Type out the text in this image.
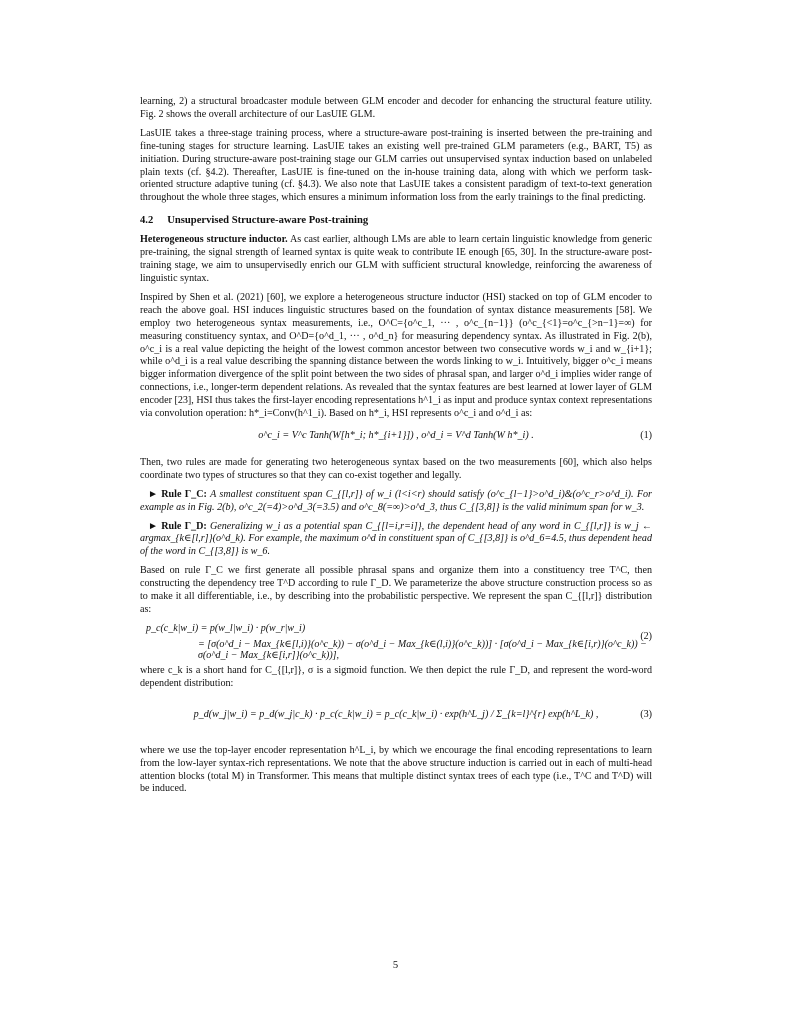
learning, 2) a structural broadcaster module between GLM encoder and decoder for enhancing the structural feature utility. Fig. 2 shows the overall architecture of our LasUIE GLM.

LasUIE takes a three-stage training process, where a structure-aware post-training is inserted between the pre-training and fine-tuning stages for structure learning. LasUIE takes an existing well pre-trained GLM parameters (e.g., BART, T5) as initiation. During structure-aware post-training stage our GLM carries out unsupervised syntax induction based on unlabeled plain texts (cf. §4.2). Thereafter, LasUIE is fine-tuned on the in-house training data, along with which we perform task-oriented structure adaptive tuning (cf. §4.3). We also note that LasUIE takes a consistent paradigm of text-to-text generation throughout the whole three stages, which ensures a minimum information loss from the early trainings to the final predicting.

4.2 Unsupervised Structure-aware Post-training

Heterogeneous structure inductor. As cast earlier, although LMs are able to learn certain linguistic knowledge from generic pre-training, the signal strength of learned syntax is quite weak to contribute IE enough [65, 30]. In the structure-aware post-training stage, we aim to unsupervisedly enrich our GLM with sufficient structural knowledge, reinforcing the awareness of linguistic syntax.

Inspired by Shen et al. (2021) [60], we explore a heterogeneous structure inductor (HSI) stacked on top of GLM encoder to reach the above goal. HSI induces linguistic structures based on the foundation of syntax distance measurements [58]. We employ two heterogeneous syntax measurements, i.e., O^C={o^c_1, ··· , o^c_{n−1}} (o^c_{<1}=o^c_{>n−1}=∞) for measuring constituency syntax, and O^D={o^d_1, ··· , o^d_n} for measuring dependency syntax. As illustrated in Fig. 2(b), o^c_i is a real value depicting the height of the lowest common ancestor between two consecutive words w_i and w_{i+1}; while o^d_i is a real value describing the spanning distance between the words linking to w_i. Intuitively, bigger o^c_i means bigger information divergence of the split point between the two sides of phrasal span, and larger o^d_i implies wider range of connections, i.e., longer-term dependent relations. As revealed that the syntax features are best learned at lower layer of GLM encoder [23], HSI thus takes the first-layer encoding representations h^1_i as input and produce syntax context representations via convolution operation: h*_i=Conv(h^1_i). Based on h*_i, HSI represents o^c_i and o^d_i as:

o^c_i = V^c Tanh(W[h*_i; h*_{i+1}]) , o^d_i = V^d Tanh(W h*_i) .	(1)

Then, two rules are made for generating two heterogeneous syntax based on the two measurements [60], which also helps coordinate two types of structures so that they can co-exist together and legally.

► Rule Γ_C: A smallest constituent span C_{[l,r]} of w_i (l<i<r) should satisfy (o^c_{l−1}>o^d_i)&(o^c_r>o^d_i). For example as in Fig. 2(b), o^c_2(=4)>o^d_3(=3.5) and o^c_8(=∞)>o^d_3, thus C_{[3,8]} is the valid minimum span for w_3.

► Rule Γ_D: Generalizing w_i as a potential span C_{[l=i,r=i]}, the dependent head of any word in C_{[l,r]} is w_j ← argmax_{k∈[l,r]}(o^d_k). For example, the maximum o^d in constituent span of C_{[3,8]} is o^d_6=4.5, thus dependent head of the word in C_{[3,8]} is w_6.

Based on rule Γ_C we first generate all possible phrasal spans and organize them into a constituency tree T^C, then constructing the dependency tree T^D according to rule Γ_D. We parameterize the above structure construction process so as to make it all differentiable, i.e., by describing into the probabilistic perspective. We represent the span C_{[l,r]} distribution as:

p_c(c_k|w_i) = p(w_l|w_i) · p(w_r|w_i)
= [σ(o^d_i − Max_{k∈[l,i)}(o^c_k)) − σ(o^d_i − Max_{k∈(l,i)}(o^c_k))] · [σ(o^d_i − Max_{k∈[i,r)}(o^c_k)) − σ(o^d_i − Max_{k∈[i,r]}(o^c_k))],
(2)

where c_k is a short hand for C_{[l,r]}, σ is a sigmoid function. We then depict the rule Γ_D, and represent the word-word dependent distribution:

p_d(w_j|w_i) = p_d(w_j|c_k) · p_c(c_k|w_i) = p_c(c_k|w_i) · exp(h^L_j) / Σ_{k=l}^{r} exp(h^L_k) ,	(3)

where we use the top-layer encoder representation h^L_i, by which we encourage the final encoding representations to learn from the low-layer syntax-rich representations. We note that the above structure induction is carried out in each of multi-head attention blocks (total M) in Transformer. This means that multiple distinct syntax trees of each type (i.e., T^C and T^D) will be induced.

5
